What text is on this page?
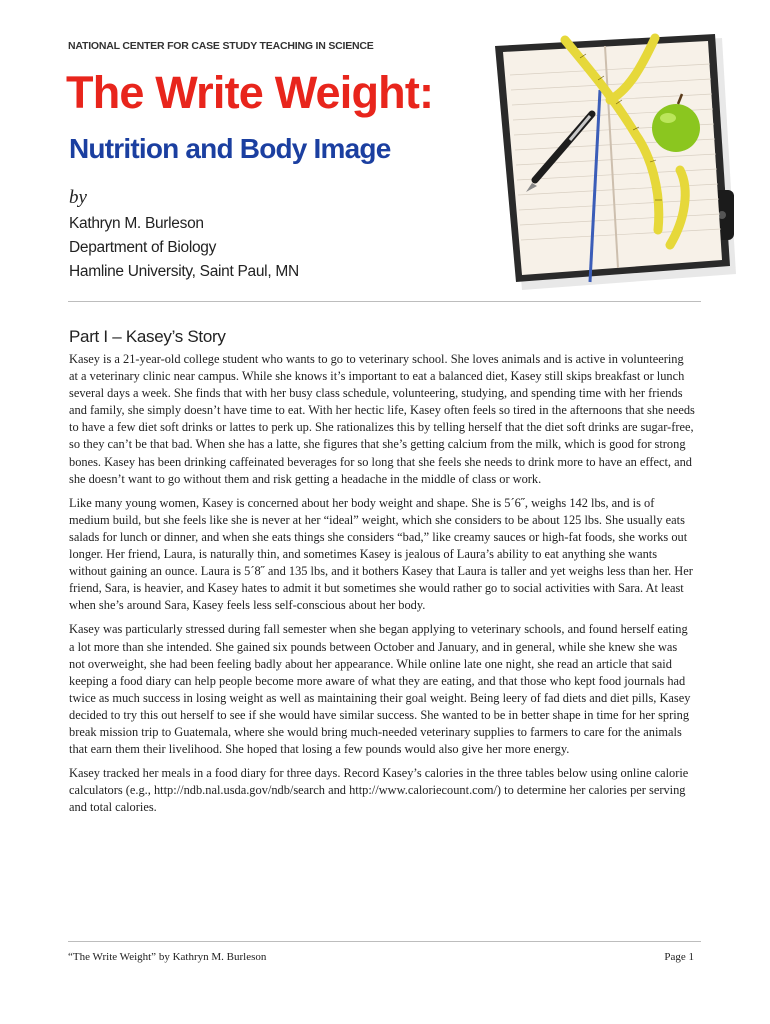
NATIONAL CENTER FOR CASE STUDY TEACHING IN SCIENCE
The Write Weight:
Nutrition and Body Image
by
Kathryn M. Burleson
Department of Biology
Hamline University, Saint Paul, MN
Part I – Kasey’s Story

Kasey is a 21-year-old college student who wants to go to veterinary school. She loves animals and is active in volunteering at a veterinary clinic near campus. While she knows it’s important to eat a balanced diet, Kasey still skips breakfast or lunch several days a week. She finds that with her busy class schedule, volunteering, studying, and spending time with her friends and family, she simply doesn’t have time to eat. With her hectic life, Kasey often feels so tired in the afternoons that she needs to have a few diet soft drinks or lattes to perk up. She rationalizes this by telling herself that the diet soft drinks are sugar-free, so they can’t be that bad. When she has a latte, she figures that she’s getting calcium from the milk, which is good for strong bones. Kasey has been drinking caffeinated beverages for so long that she feels she needs to drink more to have an effect, and she doesn’t want to go without them and risk getting a headache in the middle of class or work.

Like many young women, Kasey is concerned about her body weight and shape. She is 5´6˝, weighs 142 lbs, and is of medium build, but she feels like she is never at her “ideal” weight, which she considers to be about 125 lbs. She usually eats salads for lunch or dinner, and when she eats things she considers “bad,” like creamy sauces or high-fat foods, she works out longer. Her friend, Laura, is naturally thin, and sometimes Kasey is jealous of Laura’s ability to eat anything she wants without gaining an ounce. Laura is 5´8˝ and 135 lbs, and it bothers Kasey that Laura is taller and yet weighs less than her. Her friend, Sara, is heavier, and Kasey hates to admit it but sometimes she would rather go to social activities with Sara. At least when she’s around Sara, Kasey feels less self-conscious about her body.

Kasey was particularly stressed during fall semester when she began applying to veterinary schools, and found herself eating a lot more than she intended. She gained six pounds between October and January, and in general, while she knew she was not overweight, she had been feeling badly about her appearance. While online late one night, she read an article that said keeping a food diary can help people become more aware of what they are eating, and that those who kept food journals had twice as much success in losing weight as well as maintaining their goal weight. Being leery of fad diets and diet pills, Kasey decided to try this out herself to see if she would have similar success. She wanted to be in better shape in time for her spring break mission trip to Guatemala, where she would bring much-needed veterinary supplies to farmers to care for the animals that earn them their livelihood. She hoped that losing a few pounds would also give her more energy.

Kasey tracked her meals in a food diary for three days. Record Kasey’s calories in the three tables below using online calorie calculators (e.g., http://ndb.nal.usda.gov/ndb/search and http://www.caloriecount.com/) to determine her calories per serving and total calories.

“The Write Weight” by Kathryn M. Burleson	Page 1
